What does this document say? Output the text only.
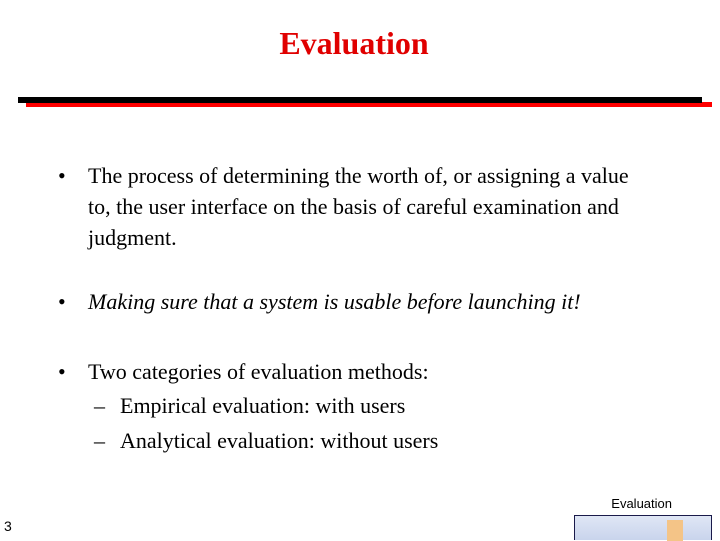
Evaluation
•	The process of determining the worth of, or assigning a value to, the user interface on the basis of careful examination and judgment.
•	Making sure that a system is usable before launching it!
•	Two categories of evaluation methods:
– Empirical evaluation: with users
– Analytical evaluation: without users
Evaluation
3
